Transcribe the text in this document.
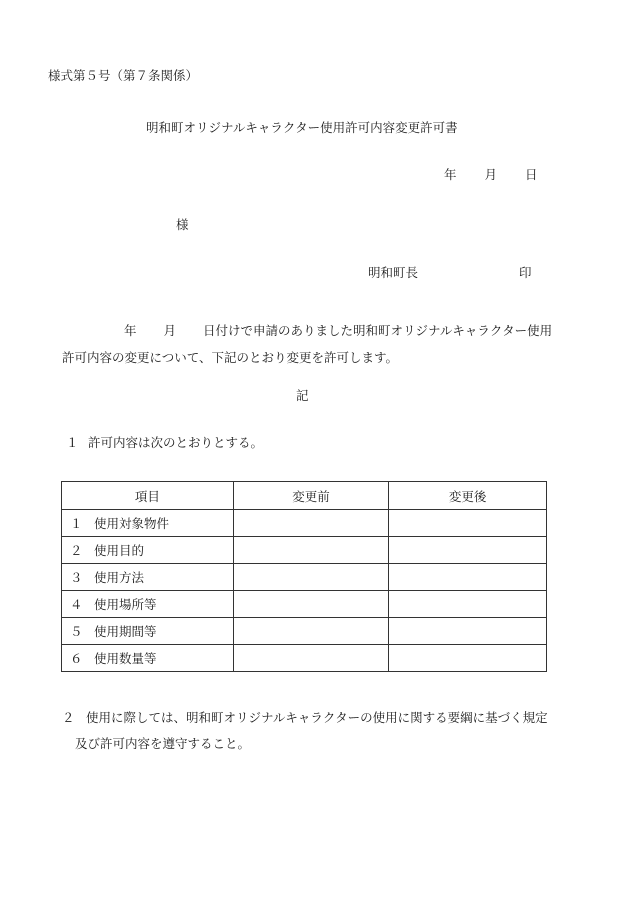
様式第５号（第７条関係）
明和町オリジナルキャラクター使用許可内容変更許可書
年 月 日
様
明和町長	印
年 月 日付けで申請のありました明和町オリジナルキャラクター使用
許可内容の変更について、下記のとおり変更を許可します。
記
１ 許可内容は次のとおりとする。
項目	変更前	変更後
１ 使用対象物件		
２ 使用目的		
３ 使用方法		
４ 使用場所等		
５ 使用期間等		
６ 使用数量等		
２ 使用に際しては、明和町オリジナルキャラクターの使用に関する要綱に基づく規定
及び許可内容を遵守すること。
